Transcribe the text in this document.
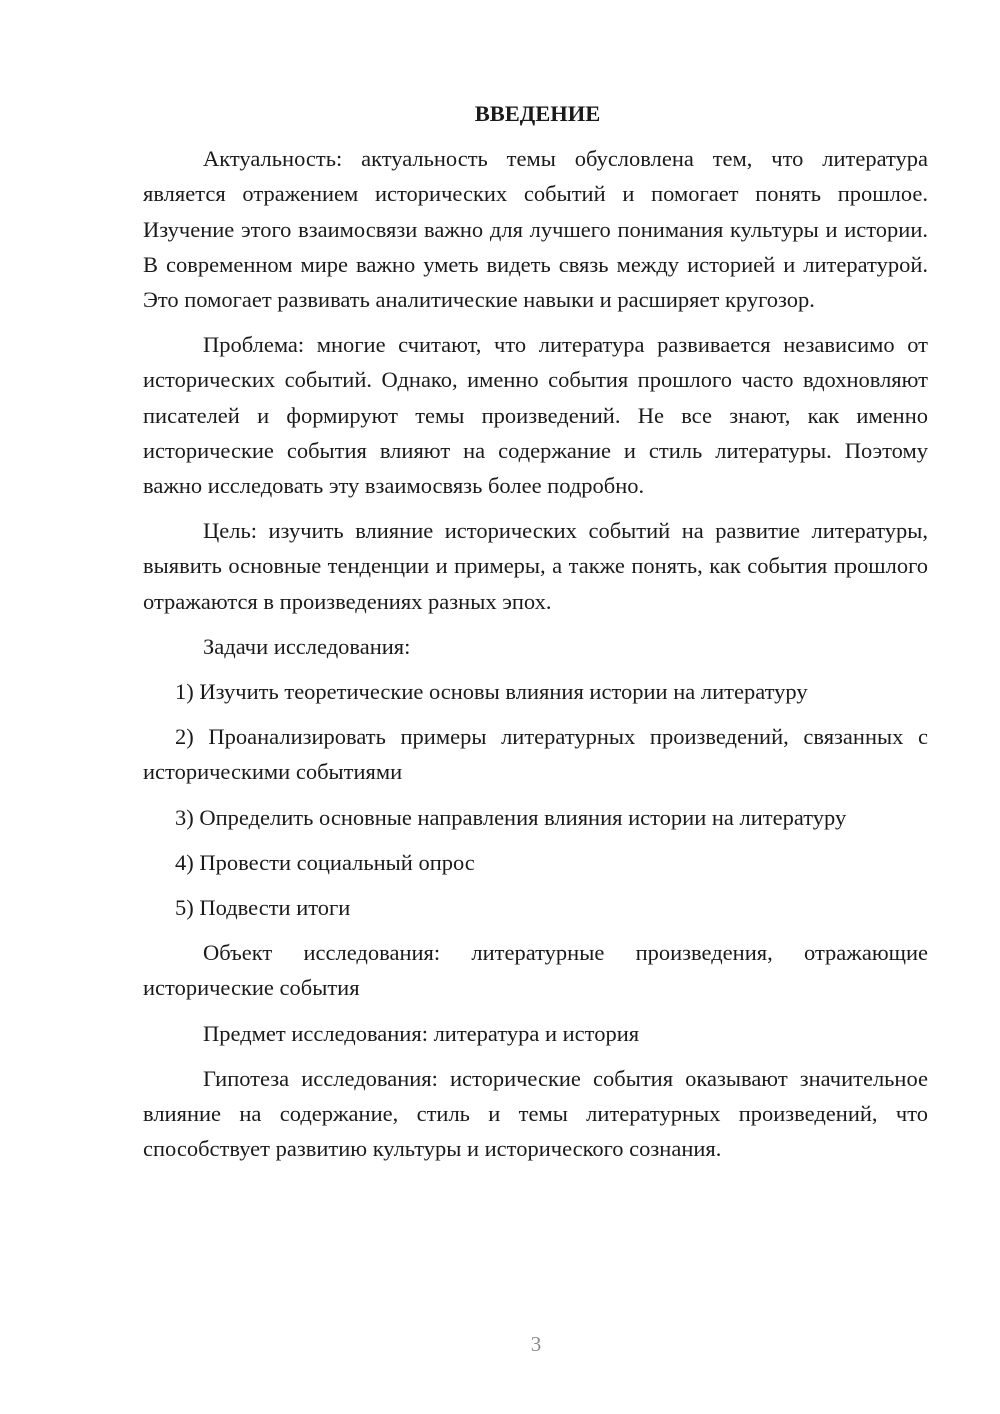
ВВЕДЕНИЕ

Актуальность: актуальность темы обусловлена тем, что литература является отражением исторических событий и помогает понять прошлое. Изучение этого взаимосвязи важно для лучшего понимания культуры и истории. В современном мире важно уметь видеть связь между историей и литературой. Это помогает развивать аналитические навыки и расширяет кругозор.

Проблема: многие считают, что литература развивается независимо от исторических событий. Однако, именно события прошлого часто вдохновляют писателей и формируют темы произведений. Не все знают, как именно исторические события влияют на содержание и стиль литературы. Поэтому важно исследовать эту взаимосвязь более подробно.

Цель: изучить влияние исторических событий на развитие литературы, выявить основные тенденции и примеры, а также понять, как события прошлого отражаются в произведениях разных эпох.

Задачи исследования:

1) Изучить теоретические основы влияния истории на литературу

2) Проанализировать примеры литературных произведений, связанных с историческими событиями

3) Определить основные направления влияния истории на литературу

4) Провести социальный опрос

5) Подвести итоги

Объект исследования: литературные произведения, отражающие исторические события

Предмет исследования: литература и история

Гипотеза исследования: исторические события оказывают значительное влияние на содержание, стиль и темы литературных произведений, что способствует развитию культуры и исторического сознания.

3
